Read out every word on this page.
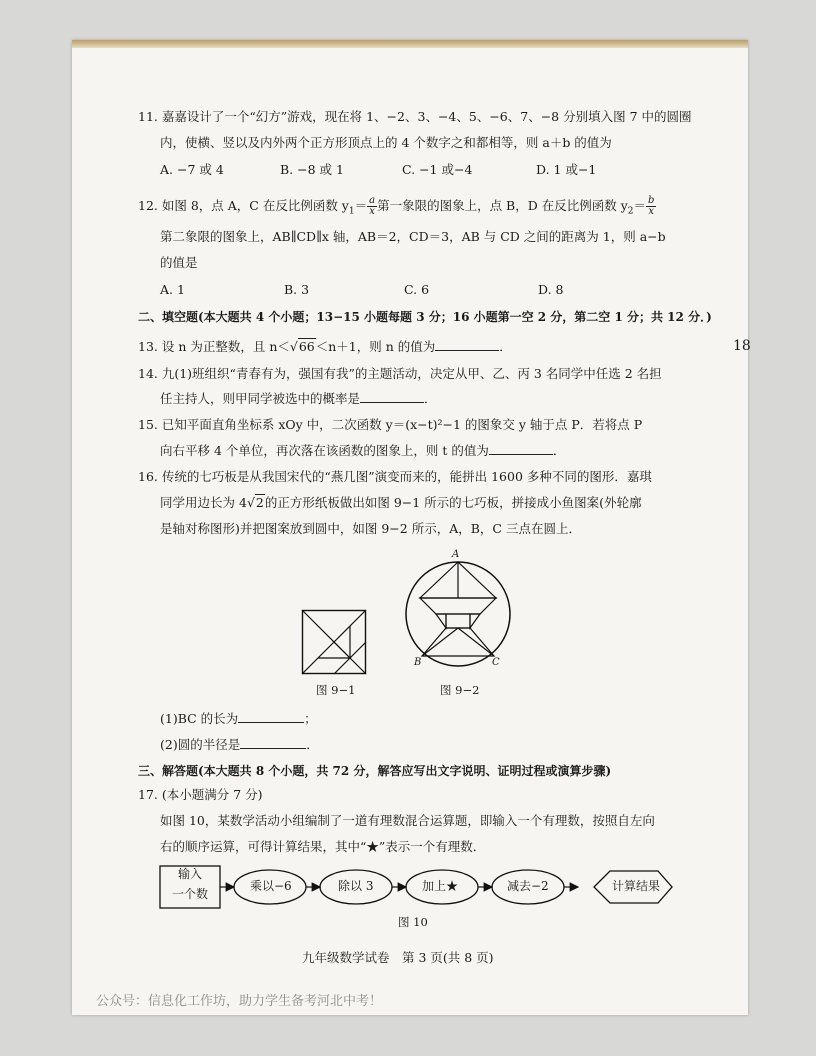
11. 嘉嘉设计了一个“幻方”游戏，现在将 1、−2、3、−4、5、−6、7、−8 分别填入图 7 中的圆圈
内，使横、竖以及内外两个正方形顶点上的 4 个数字之和都相等，则 a＋b 的值为
A. −7 或 4	B. −8 或 1	C. −1 或−4	D. 1 或−1
12. 如图 8，点 A，C 在反比例函数 $y_1= \frac{a}{x}$ 第一象限的图象上，点 B，D 在反比例函数 $y_2= \frac{b}{x}$
第二象限的图象上，AB∥CD∥x 轴，AB＝2，CD＝3，AB 与 CD 之间的距离为 1，则 a−b
的值是
A. 1	B. 3	C. 6	D. 8
二、填空题(本大题共 4 个小题；13−15 小题每题 3 分；16 小题第一空 2 分，第二空 1 分；共 12 分．)
13. 设 n 为正整数，且 n＜√66＜n＋1，则 n 的值为	．	18
14. 九(1)班组织“青春有为，强国有我”的主题活动，决定从甲、乙、丙 3 名同学中任选 2 名担
任主持人，则甲同学被选中的概率是	．
15. 已知平面直角坐标系 xOy 中，二次函数 y＝(x−t)²−1 的图象交 y 轴于点 P．若将点 P
向右平移 4 个单位，再次落在该函数的图象上，则 t 的值为	．
16. 传统的七巧板是从我国宋代的“燕几图”演变而来的，能拼出 1600 多种不同的图形．嘉琪
同学用边长为 4√2的正方形纸板做出如图 9−1 所示的七巧板，拼接成小鱼图案(外轮廓
是轴对称图形)并把图案放到圆中，如图 9−2 所示，A，B，C 三点在圆上．
图 9−1
A
B	C
图 9−2
(1)BC 的长为	；
(2)圆的半径是	．
三、解答题(本大题共 8 个小题，共 72 分，解答应写出文字说明、证明过程或演算步骤)
17. (本小题满分 7 分)
如图 10，某数学活动小组编制了一道有理数混合运算题，即输入一个有理数，按照自左向
右的顺序运算，可得计算结果，其中“★”表示一个有理数．
输入
一个数
乘以−6	除以 3	加上★	减去−2	计算结果
图 10
九年级数学试卷　第 3 页(共 8 页)
公众号：信息化工作坊，助力学生备考河北中考！
